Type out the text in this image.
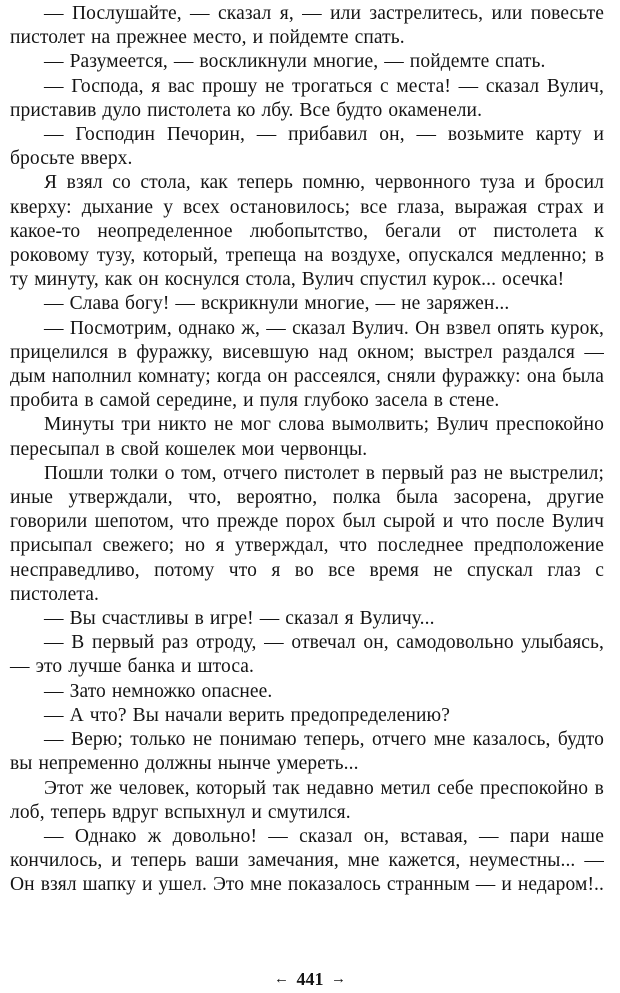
— Послушайте, — сказал я, — или застрелитесь, или повесьте пистолет на прежнее место, и пойдемте спать.

— Разумеется, — воскликнули многие, — пойдемте спать.

— Господа, я вас прошу не трогаться с места! — сказал Вулич, приставив дуло пистолета ко лбу. Все будто окаменели.

— Господин Печорин, — прибавил он, — возьмите карту и бросьте вверх.

Я взял со стола, как теперь помню, червонного туза и бросил кверху: дыхание у всех остановилось; все глаза, выражая страх и какое-то неопределенное любопытство, бегали от пистолета к роковому тузу, который, трепеща на воздухе, опускался медленно; в ту минуту, как он коснулся стола, Вулич спустил курок... осечка!

— Слава богу! — вскрикнули многие, — не заряжен...

— Посмотрим, однако ж, — сказал Вулич. Он взвел опять курок, прицелился в фуражку, висевшую над окном; выстрел раздался — дым наполнил комнату; когда он рассеялся, сняли фуражку: она была пробита в самой середине, и пуля глубоко засела в стене.

Минуты три никто не мог слова вымолвить; Вулич преспокойно пересыпал в свой кошелек мои червонцы.

Пошли толки о том, отчего пистолет в первый раз не выстрелил; иные утверждали, что, вероятно, полка была засорена, другие говорили шепотом, что прежде порох был сырой и что после Вулич присыпал свежего; но я утверждал, что последнее предположение несправедливо, потому что я во все время не спускал глаз с пистолета.

— Вы счастливы в игре! — сказал я Вуличу...

— В первый раз отроду, — отвечал он, самодовольно улыбаясь, — это лучше банка и штоса.

— Зато немножко опаснее.

— А что? Вы начали верить предопределению?

— Верю; только не понимаю теперь, отчего мне казалось, будто вы непременно должны нынче умереть...

Этот же человек, который так недавно метил себе преспокойно в лоб, теперь вдруг вспыхнул и смутился.

— Однако ж довольно! — сказал он, вставая, — пари наше кончилось, и теперь ваши замечания, мне кажется, неуместны... — Он взял шапку и ушел. Это мне показалось странным — и недаром!..

← 441 →
